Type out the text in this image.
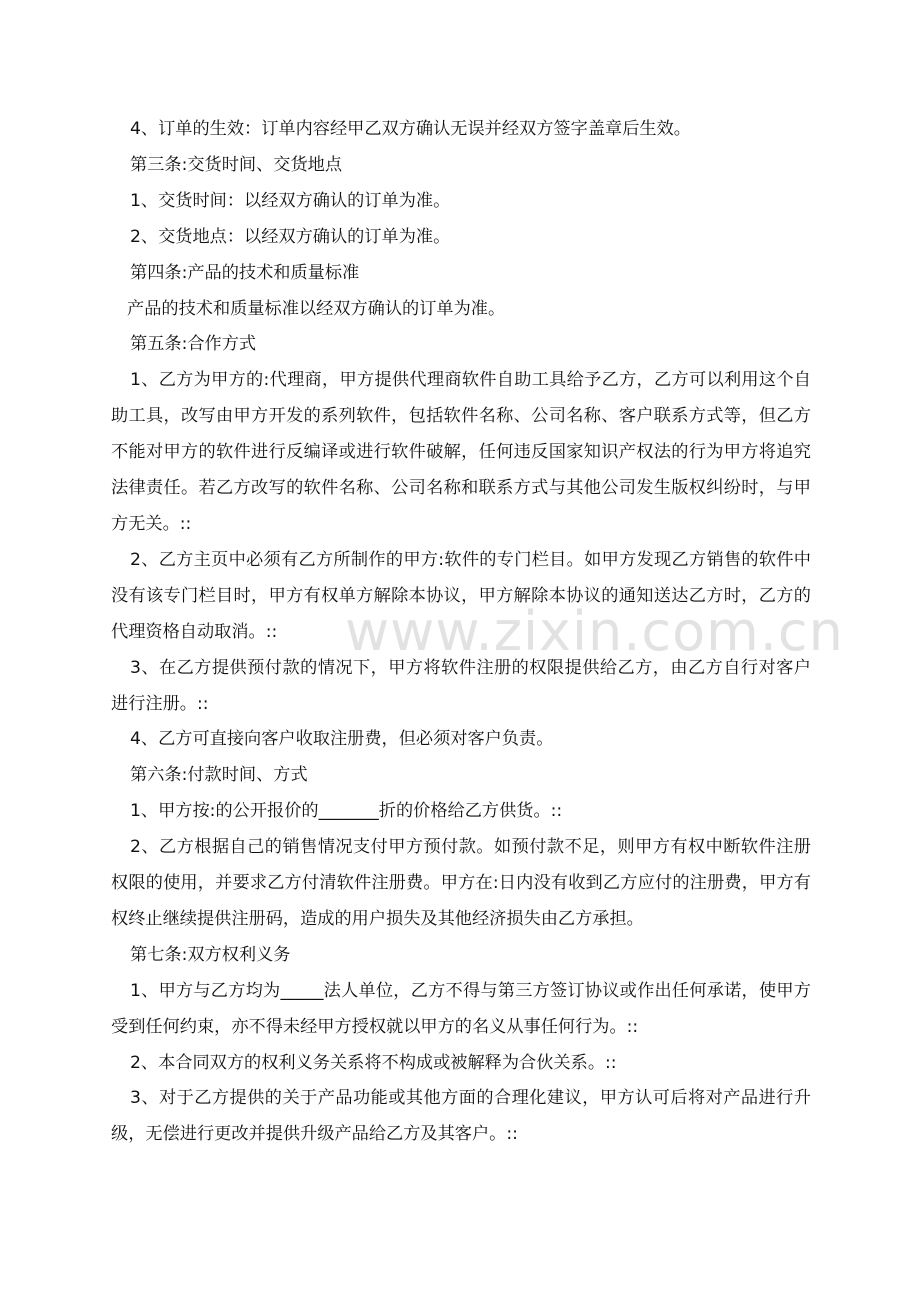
4、订单的生效：订单内容经甲乙双方确认无误并经双方签字盖章后生效。

第三条:交货时间、交货地点

1、交货时间：以经双方确认的订单为准。

2、交货地点：以经双方确认的订单为准。

第四条:产品的技术和质量标准

产品的技术和质量标准以经双方确认的订单为准。

第五条:合作方式

1、乙方为甲方的:代理商，甲方提供代理商软件自助工具给予乙方，乙方可以利用这个自助工具，改写由甲方开发的系列软件，包括软件名称、公司名称、客户联系方式等，但乙方不能对甲方的软件进行反编译或进行软件破解，任何违反国家知识产权法的行为甲方将追究法律责任。若乙方改写的软件名称、公司名称和联系方式与其他公司发生版权纠纷时，与甲方无关。::

2、乙方主页中必须有乙方所制作的甲方:软件的专门栏目。如甲方发现乙方销售的软件中没有该专门栏目时，甲方有权单方解除本协议，甲方解除本协议的通知送达乙方时，乙方的代理资格自动取消。::

3、在乙方提供预付款的情况下，甲方将软件注册的权限提供给乙方，由乙方自行对客户进行注册。::

4、乙方可直接向客户收取注册费，但必须对客户负责。

第六条:付款时间、方式

1、甲方按:的公开报价的_______折的价格给乙方供货。::

2、乙方根据自己的销售情况支付甲方预付款。如预付款不足，则甲方有权中断软件注册权限的使用，并要求乙方付清软件注册费。甲方在:日内没有收到乙方应付的注册费，甲方有权终止继续提供注册码，造成的用户损失及其他经济损失由乙方承担。

第七条:双方权利义务

1、甲方与乙方均为_____法人单位，乙方不得与第三方签订协议或作出任何承诺，使甲方受到任何约束，亦不得未经甲方授权就以甲方的名义从事任何行为。::

2、本合同双方的权利义务关系将不构成或被解释为合伙关系。::

3、对于乙方提供的关于产品功能或其他方面的合理化建议，甲方认可后将对产品进行升级，无偿进行更改并提供升级产品给乙方及其客户。::

www.zixin.com.cn
